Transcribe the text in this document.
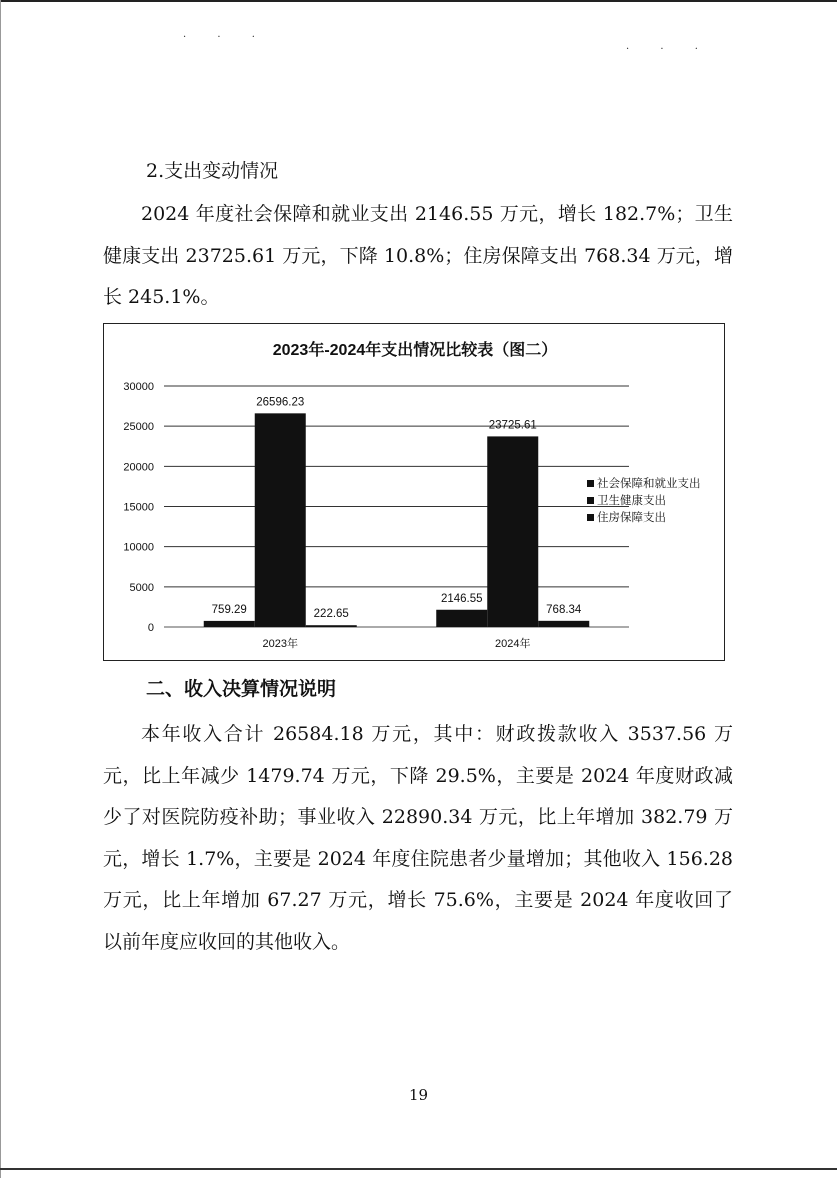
· · ·
· · ·

2.支出变动情况

2024 年度社会保障和就业支出 2146.55 万元，增长 182.7%；卫生健康支出 23725.61 万元，下降 10.8%；住房保障支出 768.34 万元，增长 245.1%。

2023年-2024年支出情况比较表（图二）
0
5000
10000
15000
20000
25000
30000
759.29
26596.23
222.65
2023年
2146.55
23725.61
768.34
2024年
社会保障和就业支出
卫生健康支出
住房保障支出

二、收入决算情况说明

本年收入合计 26584.18 万元，其中：财政拨款收入 3537.56 万元，比上年减少 1479.74 万元，下降 29.5%，主要是 2024 年度财政减少了对医院防疫补助；事业收入 22890.34 万元，比上年增加 382.79 万元，增长 1.7%，主要是 2024 年度住院患者少量增加；其他收入 156.28 万元，比上年增加 67.27 万元，增长 75.6%，主要是 2024 年度收回了以前年度应收回的其他收入。

19
